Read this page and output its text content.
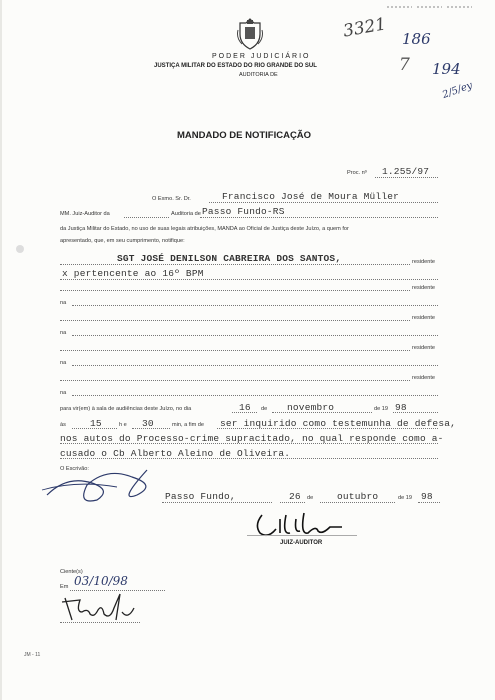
PODER JUDICIÁRIO
JUSTIÇA MILITAR DO ESTADO DO RIO GRANDE DO SUL
AUDITORIA DE
3321 186
7 194
2/5/ey
MANDADO DE NOTIFICAÇÃO
Proc. nº 1.255/97
O Exmo. Sr. Dr.	Francisco José de Moura Müller
MM. Juiz-Auditor da	Auditoria de Passo Fundo-RS
da Justiça Militar do Estado, no uso de suas legais atribuições, MANDA ao Oficial de Justiça deste Juízo, a quem for
apresentado, que, em seu cumprimento, notifique:
SGT JOSÉ DENILSON CABREIRA DOS SANTOS,	residente
x pertencente ao 16º BPM
residente
na
residente
na
residente
na
residente
na
para vir(em) à sala de audiências deste Juízo, no dia	16 de novembro	de 19 98
às	15	h e 30	min, a fim de ser inquirido como testemunha de defesa,
nos autos do Processo-crime supracitado, no qual responde como a-
cusado o Cb Alberto Aleino de Oliveira.
O Escrivão:
Passo Fundo,	26 de	outubro	de 19 98
JUIZ-AUDITOR
Ciente(s)
Em 03/10/98
JM - 11
